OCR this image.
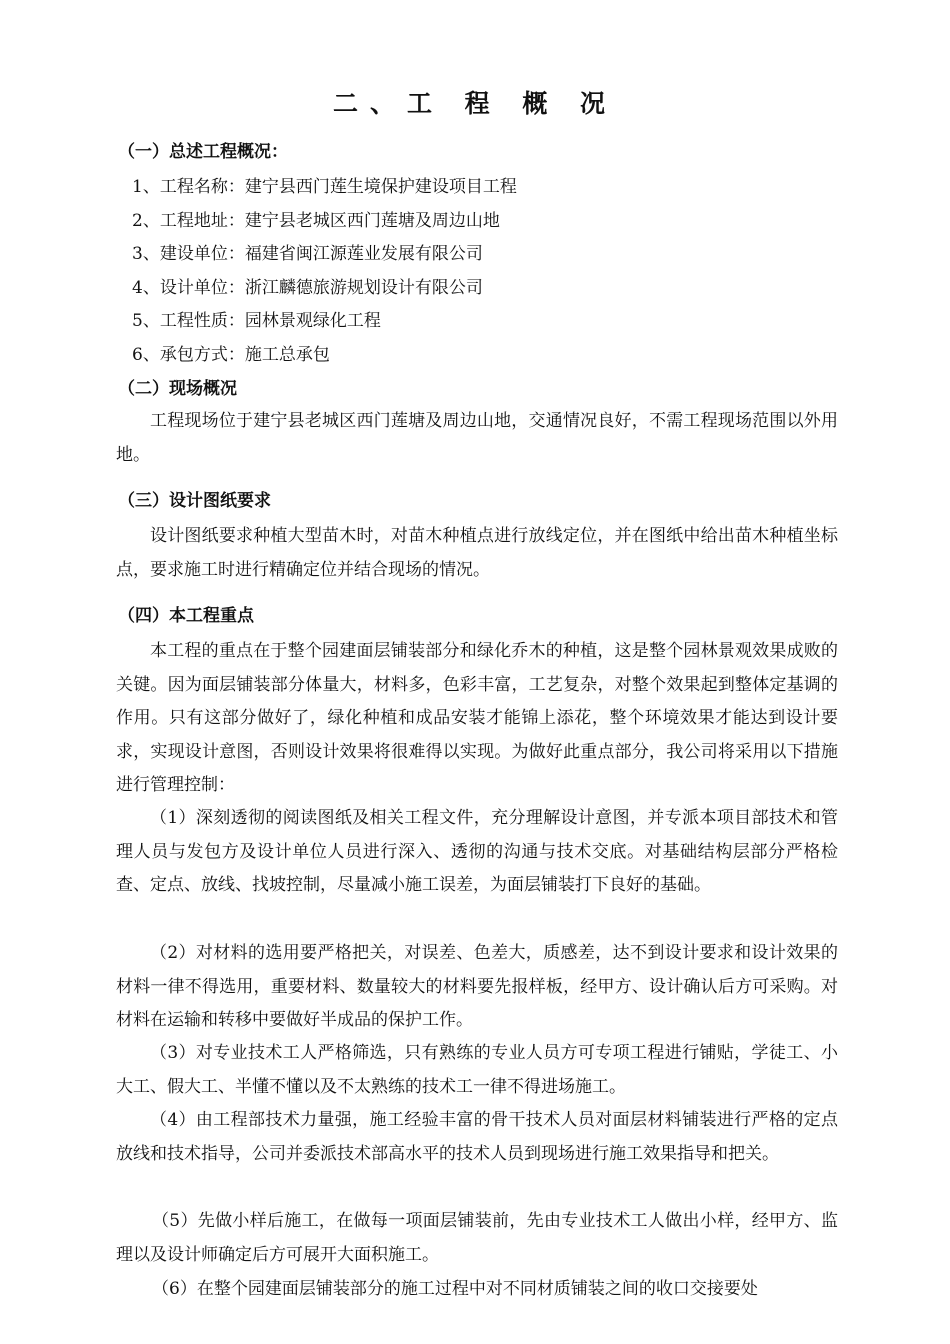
二、工 程 概 况
（一）总述工程概况：
1、工程名称：建宁县西门莲生境保护建设项目工程
2、工程地址：建宁县老城区西门莲塘及周边山地
3、建设单位：福建省闽江源莲业发展有限公司
4、设计单位：浙江麟德旅游规划设计有限公司
5、工程性质：园林景观绿化工程
6、承包方式：施工总承包
（二）现场概况
工程现场位于建宁县老城区西门莲塘及周边山地，交通情况良好，不需工程现场范围以外用地。
（三）设计图纸要求
设计图纸要求种植大型苗木时，对苗木种植点进行放线定位，并在图纸中给出苗木种植坐标点，要求施工时进行精确定位并结合现场的情况。
（四）本工程重点
本工程的重点在于整个园建面层铺装部分和绿化乔木的种植，这是整个园林景观效果成败的关键。因为面层铺装部分体量大，材料多，色彩丰富，工艺复杂，对整个效果起到整体定基调的作用。只有这部分做好了，绿化种植和成品安装才能锦上添花，整个环境效果才能达到设计要求，实现设计意图，否则设计效果将很难得以实现。为做好此重点部分，我公司将采用以下措施进行管理控制：
（1）深刻透彻的阅读图纸及相关工程文件，充分理解设计意图，并专派本项目部技术和管理人员与发包方及设计单位人员进行深入、透彻的沟通与技术交底。对基础结构层部分严格检查、定点、放线、找坡控制，尽量减小施工误差，为面层铺装打下良好的基础。
（2）对材料的选用要严格把关，对误差、色差大，质感差，达不到设计要求和设计效果的材料一律不得选用，重要材料、数量较大的材料要先报样板，经甲方、设计确认后方可采购。对材料在运输和转移中要做好半成品的保护工作。
（3）对专业技术工人严格筛选，只有熟练的专业人员方可专项工程进行铺贴，学徒工、小大工、假大工、半懂不懂以及不太熟练的技术工一律不得进场施工。
（4）由工程部技术力量强，施工经验丰富的骨干技术人员对面层材料铺装进行严格的定点放线和技术指导，公司并委派技术部高水平的技术人员到现场进行施工效果指导和把关。
（5）先做小样后施工，在做每一项面层铺装前，先由专业技术工人做出小样，经甲方、监理以及设计师确定后方可展开大面积施工。
（6）在整个园建面层铺装部分的施工过程中对不同材质铺装之间的收口交接要处
